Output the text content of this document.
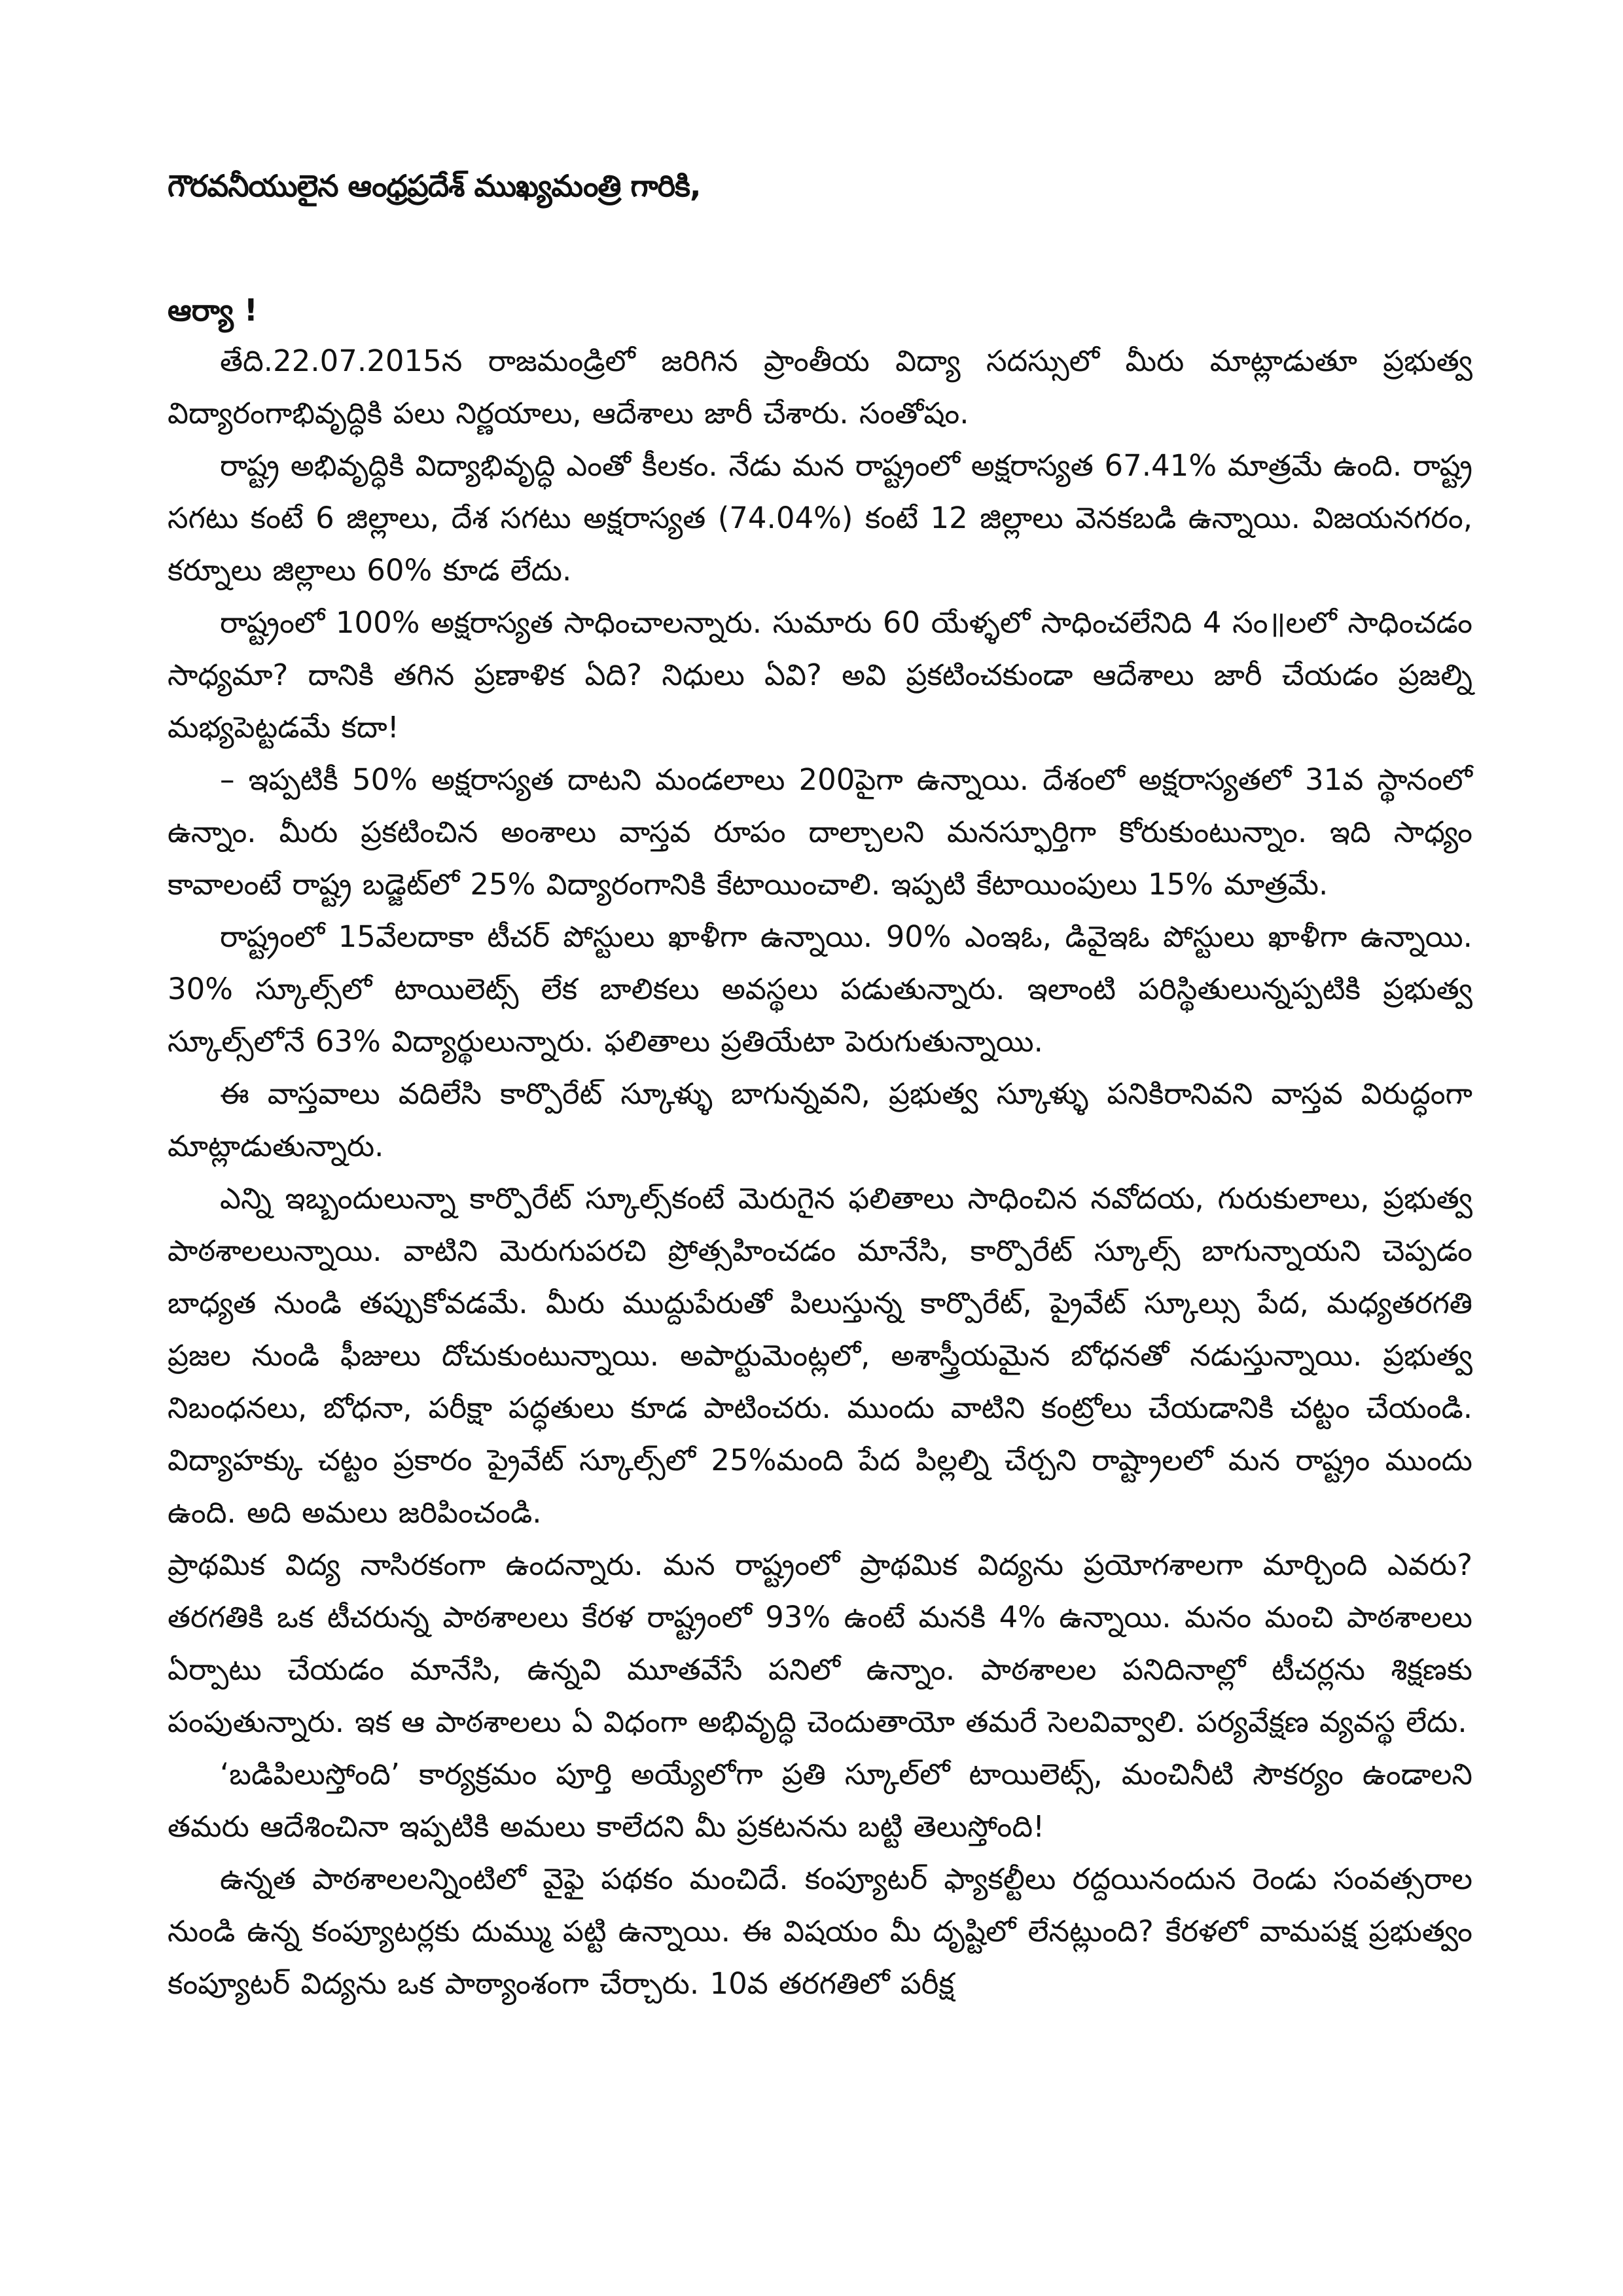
గౌరవనీయులైన ఆంధ్రప్రదేశ్ ముఖ్యమంత్రి గారికి,

ఆర్యా !

తేది.22.07.2015న రాజమండ్రిలో జరిగిన ప్రాంతీయ విద్యా సదస్సులో మీరు మాట్లాడుతూ ప్రభుత్వ విద్యారంగాభివృద్ధికి పలు నిర్ణయాలు, ఆదేశాలు జారీ చేశారు. సంతోషం.

రాష్ట్ర అభివృద్ధికి విద్యాభివృద్ధి ఎంతో కీలకం. నేడు మన రాష్ట్రంలో అక్షరాస్యత 67.41% మాత్రమే ఉంది. రాష్ట్ర సగటు కంటే 6 జిల్లాలు, దేశ సగటు అక్షరాస్యత (74.04%) కంటే 12 జిల్లాలు వెనకబడి ఉన్నాయి. విజయనగరం, కర్నూలు జిల్లాలు 60% కూడ లేదు.

రాష్ట్రంలో 100% అక్షరాస్యత సాధించాలన్నారు. సుమారు 60 యేళ్ళలో సాధించలేనిది 4 సం॥లలో సాధించడం సాధ్యమా? దానికి తగిన ప్రణాళిక ఏది? నిధులు ఏవి? అవి ప్రకటించకుండా ఆదేశాలు జారీ చేయడం ప్రజల్ని మభ్యపెట్టడమే కదా!

– ఇప్పటికీ 50% అక్షరాస్యత దాటని మండలాలు 200పైగా ఉన్నాయి. దేశంలో అక్షరాస్యతలో 31వ స్థానంలో ఉన్నాం. మీరు ప్రకటించిన అంశాలు వాస్తవ రూపం దాల్చాలని మనస్ఫూర్తిగా కోరుకుంటున్నాం. ఇది సాధ్యం కావాలంటే రాష్ట్ర బడ్జెట్‌లో 25% విద్యారంగానికి కేటాయించాలి. ఇప్పటి కేటాయింపులు 15% మాత్రమే.

రాష్ట్రంలో 15వేలదాకా టీచర్ పోస్టులు ఖాళీగా ఉన్నాయి. 90% ఎంఇఓ, డివైఇఓ పోస్టులు ఖాళీగా ఉన్నాయి. 30% స్కూల్స్‌లో టాయిలెట్స్ లేక బాలికలు అవస్థలు పడుతున్నారు. ఇలాంటి పరిస్థితులున్నప్పటికి ప్రభుత్వ స్కూల్స్‌లోనే 63% విద్యార్థులున్నారు. ఫలితాలు ప్రతియేటా పెరుగుతున్నాయి.

ఈ వాస్తవాలు వదిలేసి కార్పొరేట్ స్కూళ్ళు బాగున్నవని, ప్రభుత్వ స్కూళ్ళు పనికిరానివని వాస్తవ విరుద్ధంగా మాట్లాడుతున్నారు.

ఎన్ని ఇబ్బందులున్నా కార్పొరేట్ స్కూల్స్‌కంటే మెరుగైన ఫలితాలు సాధించిన నవోదయ, గురుకులాలు, ప్రభుత్వ పాఠశాలలున్నాయి. వాటిని మెరుగుపరచి ప్రోత్సహించడం మానేసి, కార్పొరేట్ స్కూల్స్ బాగున్నాయని చెప్పడం బాధ్యత నుండి తప్పుకోవడమే. మీరు ముద్దుపేరుతో పిలుస్తున్న కార్పొరేట్, ప్రైవేట్ స్కూల్సు పేద, మధ్యతరగతి ప్రజల నుండి ఫీజులు దోచుకుంటున్నాయి. అపార్టుమెంట్లలో, అశాస్త్రీయమైన బోధనతో నడుస్తున్నాయి. ప్రభుత్వ నిబంధనలు, బోధనా, పరీక్షా పద్ధతులు కూడ పాటించరు. ముందు వాటిని కంట్రోలు చేయడానికి చట్టం చేయండి. విద్యాహక్కు చట్టం ప్రకారం ప్రైవేట్ స్కూల్స్‌లో 25%మంది పేద పిల్లల్ని చేర్చని రాష్ట్రాలలో మన రాష్ట్రం ముందు ఉంది. అది అమలు జరిపించండి.

ప్రాథమిక విద్య నాసిరకంగా ఉందన్నారు. మన రాష్ట్రంలో ప్రాథమిక విద్యను ప్రయోగశాలగా మార్చింది ఎవరు? తరగతికి ఒక టీచరున్న పాఠశాలలు కేరళ రాష్ట్రంలో 93% ఉంటే మనకి 4% ఉన్నాయి. మనం మంచి పాఠశాలలు ఏర్పాటు చేయడం మానేసి, ఉన్నవి మూతవేసే పనిలో ఉన్నాం. పాఠశాలల పనిదినాల్లో టీచర్లను శిక్షణకు పంపుతున్నారు. ఇక ఆ పాఠశాలలు ఏ విధంగా అభివృద్ధి చెందుతాయో తమరే సెలవివ్వాలి. పర్యవేక్షణ వ్యవస్థ లేదు.

‘బడిపిలుస్తోంది’ కార్యక్రమం పూర్తి అయ్యేలోగా ప్రతి స్కూల్‌లో టాయిలెట్స్, మంచినీటి సౌకర్యం ఉండాలని తమరు ఆదేశించినా ఇప్పటికి అమలు కాలేదని మీ ప్రకటనను బట్టి తెలుస్తోంది!

ఉన్నత పాఠశాలలన్నింటిలో వైఫై పథకం మంచిదే. కంప్యూటర్ ఫ్యాకల్టీలు రద్దయినందున రెండు సంవత్సరాల నుండి ఉన్న కంప్యూటర్లకు దుమ్ము పట్టి ఉన్నాయి. ఈ విషయం మీ దృష్టిలో లేనట్లుంది? కేరళలో వామపక్ష ప్రభుత్వం కంప్యూటర్ విద్యను ఒక పాఠ్యాంశంగా చేర్చారు. 10వ తరగతిలో పరీక్ష
